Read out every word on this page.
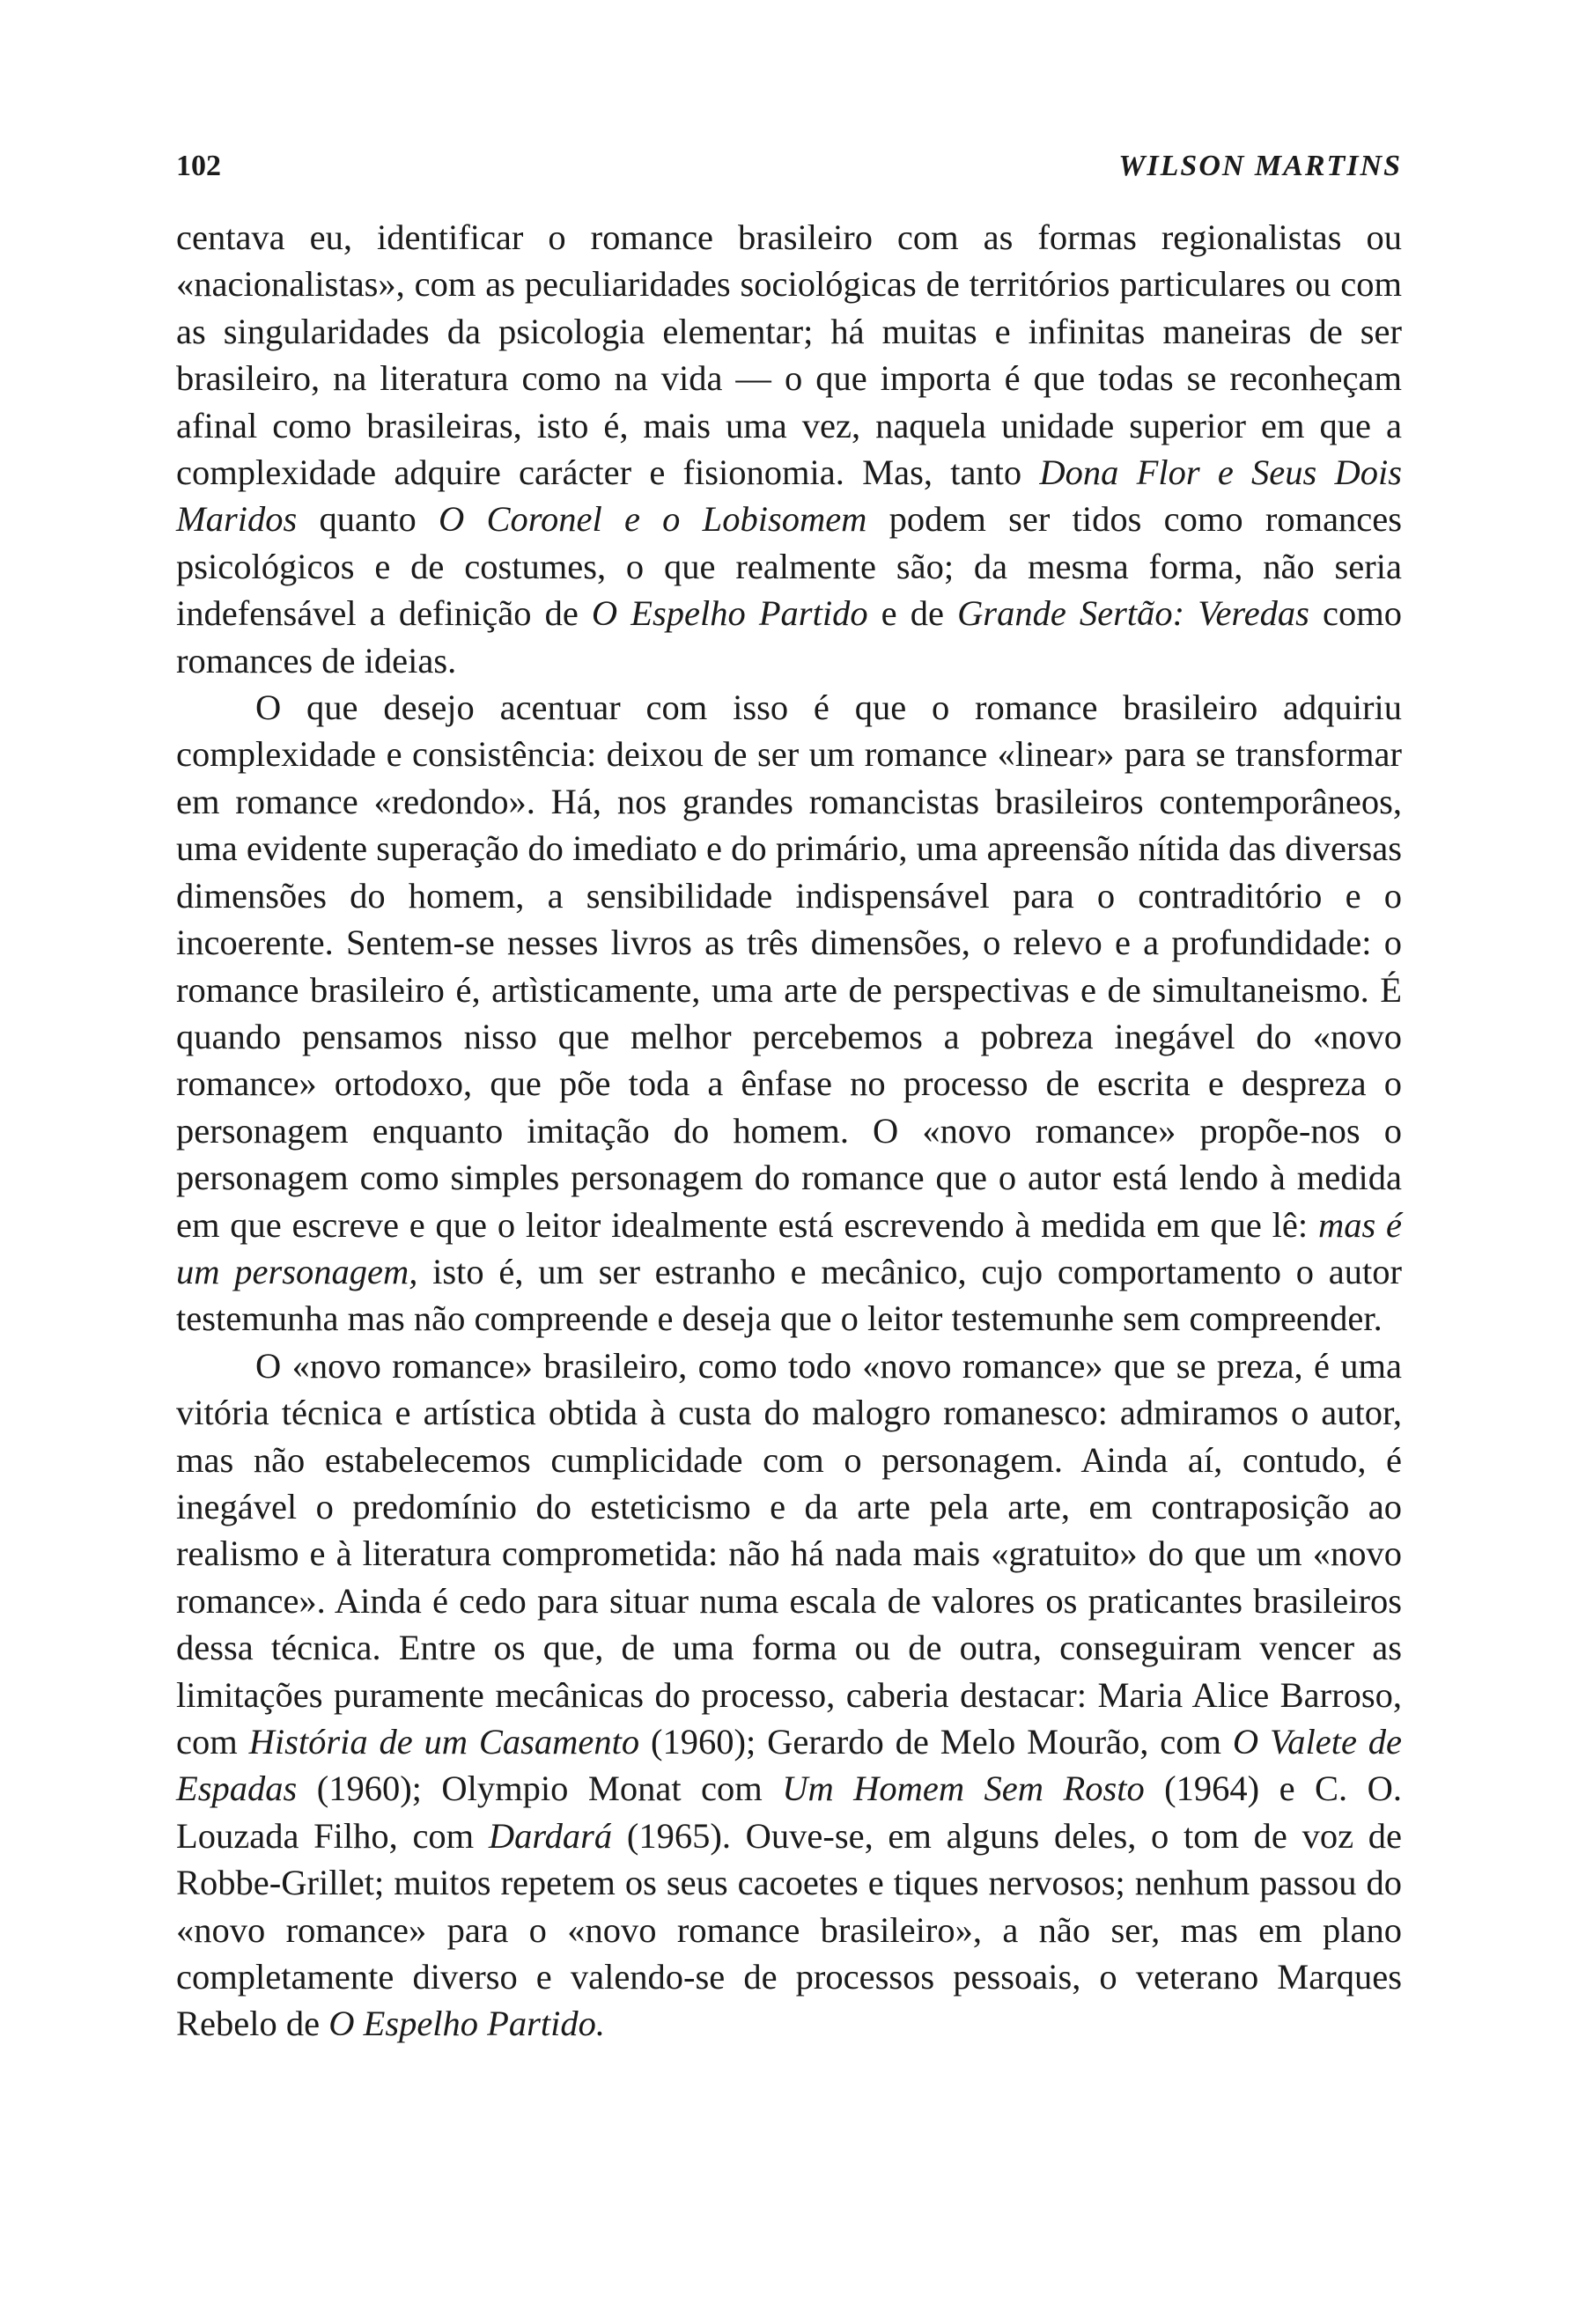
102	WILSON MARTINS

centava eu, identificar o romance brasileiro com as formas regionalistas ou «nacionalistas», com as peculiaridades sociológicas de territórios particulares ou com as singularidades da psicologia elementar; há muitas e infinitas maneiras de ser brasileiro, na literatura como na vida — o que importa é que todas se reconheçam afinal como brasileiras, isto é, mais uma vez, naquela unidade superior em que a complexidade adquire carácter e fisionomia. Mas, tanto Dona Flor e Seus Dois Maridos quanto O Coronel e o Lobisomem podem ser tidos como romances psicológicos e de costumes, o que realmente são; da mesma forma, não seria indefensável a definição de O Espelho Partido e de Grande Sertão: Veredas como romances de ideias.

O que desejo acentuar com isso é que o romance brasileiro adquiriu complexidade e consistência: deixou de ser um romance «linear» para se transformar em romance «redondo». Há, nos grandes romancistas brasileiros contemporâneos, uma evidente superação do imediato e do primário, uma apreensão nítida das diversas dimensões do homem, a sensibilidade indispensável para o contraditório e o incoerente. Sentem-se nesses livros as três dimensões, o relevo e a profundidade: o romance brasileiro é, artìsticamente, uma arte de perspectivas e de simultaneismo. É quando pensamos nisso que melhor percebemos a pobreza inegável do «novo romance» ortodoxo, que põe toda a ênfase no processo de escrita e despreza o personagem enquanto imitação do homem. O «novo romance» propõe-nos o personagem como simples personagem do romance que o autor está lendo à medida em que escreve e que o leitor idealmente está escrevendo à medida em que lê: mas é um personagem, isto é, um ser estranho e mecânico, cujo comportamento o autor testemunha mas não compreende e deseja que o leitor testemunhe sem compreender.

O «novo romance» brasileiro, como todo «novo romance» que se preza, é uma vitória técnica e artística obtida à custa do malogro romanesco: admiramos o autor, mas não estabelecemos cumplicidade com o personagem. Ainda aí, contudo, é inegável o predomínio do esteticismo e da arte pela arte, em contraposição ao realismo e à literatura comprometida: não há nada mais «gratuito» do que um «novo romance». Ainda é cedo para situar numa escala de valores os praticantes brasileiros dessa técnica. Entre os que, de uma forma ou de outra, conseguiram vencer as limitações puramente mecânicas do processo, caberia destacar: Maria Alice Barroso, com História de um Casamento (1960); Gerardo de Melo Mourão, com O Valete de Espadas (1960); Olympio Monat com Um Homem Sem Rosto (1964) e C. O. Louzada Filho, com Dardará (1965). Ouve-se, em alguns deles, o tom de voz de Robbe-Grillet; muitos repetem os seus cacoetes e tiques nervosos; nenhum passou do «novo romance» para o «novo romance brasileiro», a não ser, mas em plano completamente diverso e valendo-se de processos pessoais, o veterano Marques Rebelo de O Espelho Partido.
